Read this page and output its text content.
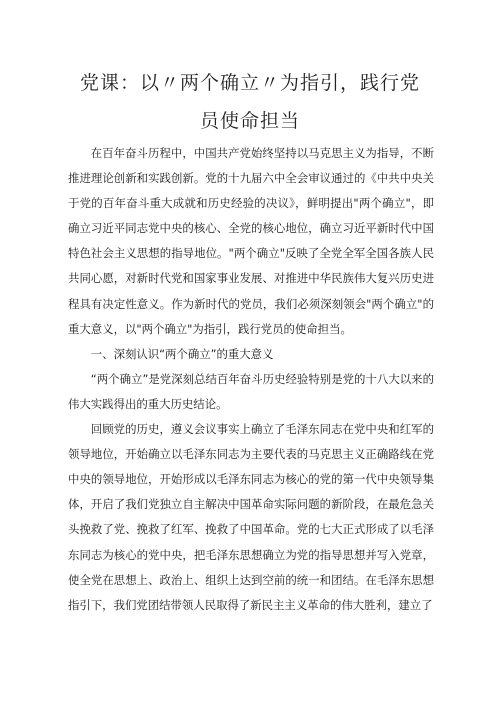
党课：以〃两个确立〃为指引，践行党
员使命担当

在百年奋斗历程中，中国共产党始终坚持以马克思主义为指导，不断推进理论创新和实践创新。党的十九届六中全会审议通过的《中共中央关于党的百年奋斗重大成就和历史经验的决议》，鲜明提出"两个确立"，即确立习近平同志党中央的核心、全党的核心地位，确立习近平新时代中国特色社会主义思想的指导地位。"两个确立"反映了全党全军全国各族人民共同心愿，对新时代党和国家事业发展、对推进中华民族伟大复兴历史进程具有决定性意义。作为新时代的党员，我们必须深刻领会"两个确立"的重大意义，以"两个确立"为指引，践行党员的使命担当。

一、深刻认识“两个确立”的重大意义

“两个确立”是党深刻总结百年奋斗历史经验特别是党的十八大以来的伟大实践得出的重大历史结论。

回顾党的历史，遵义会议事实上确立了毛泽东同志在党中央和红军的领导地位，开始确立以毛泽东同志为主要代表的马克思主义正确路线在党中央的领导地位，开始形成以毛泽东同志为核心的党的第一代中央领导集体，开启了我们党独立自主解决中国革命实际问题的新阶段，在最危急关头挽救了党、挽救了红军、挽救了中国革命。党的七大正式形成了以毛泽东同志为核心的党中央，把毛泽东思想确立为党的指导思想并写入党章，使全党在思想上、政治上、组织上达到空前的统一和团结。在毛泽东思想指引下，我们党团结带领人民取得了新民主主义革命的伟大胜利，建立了
